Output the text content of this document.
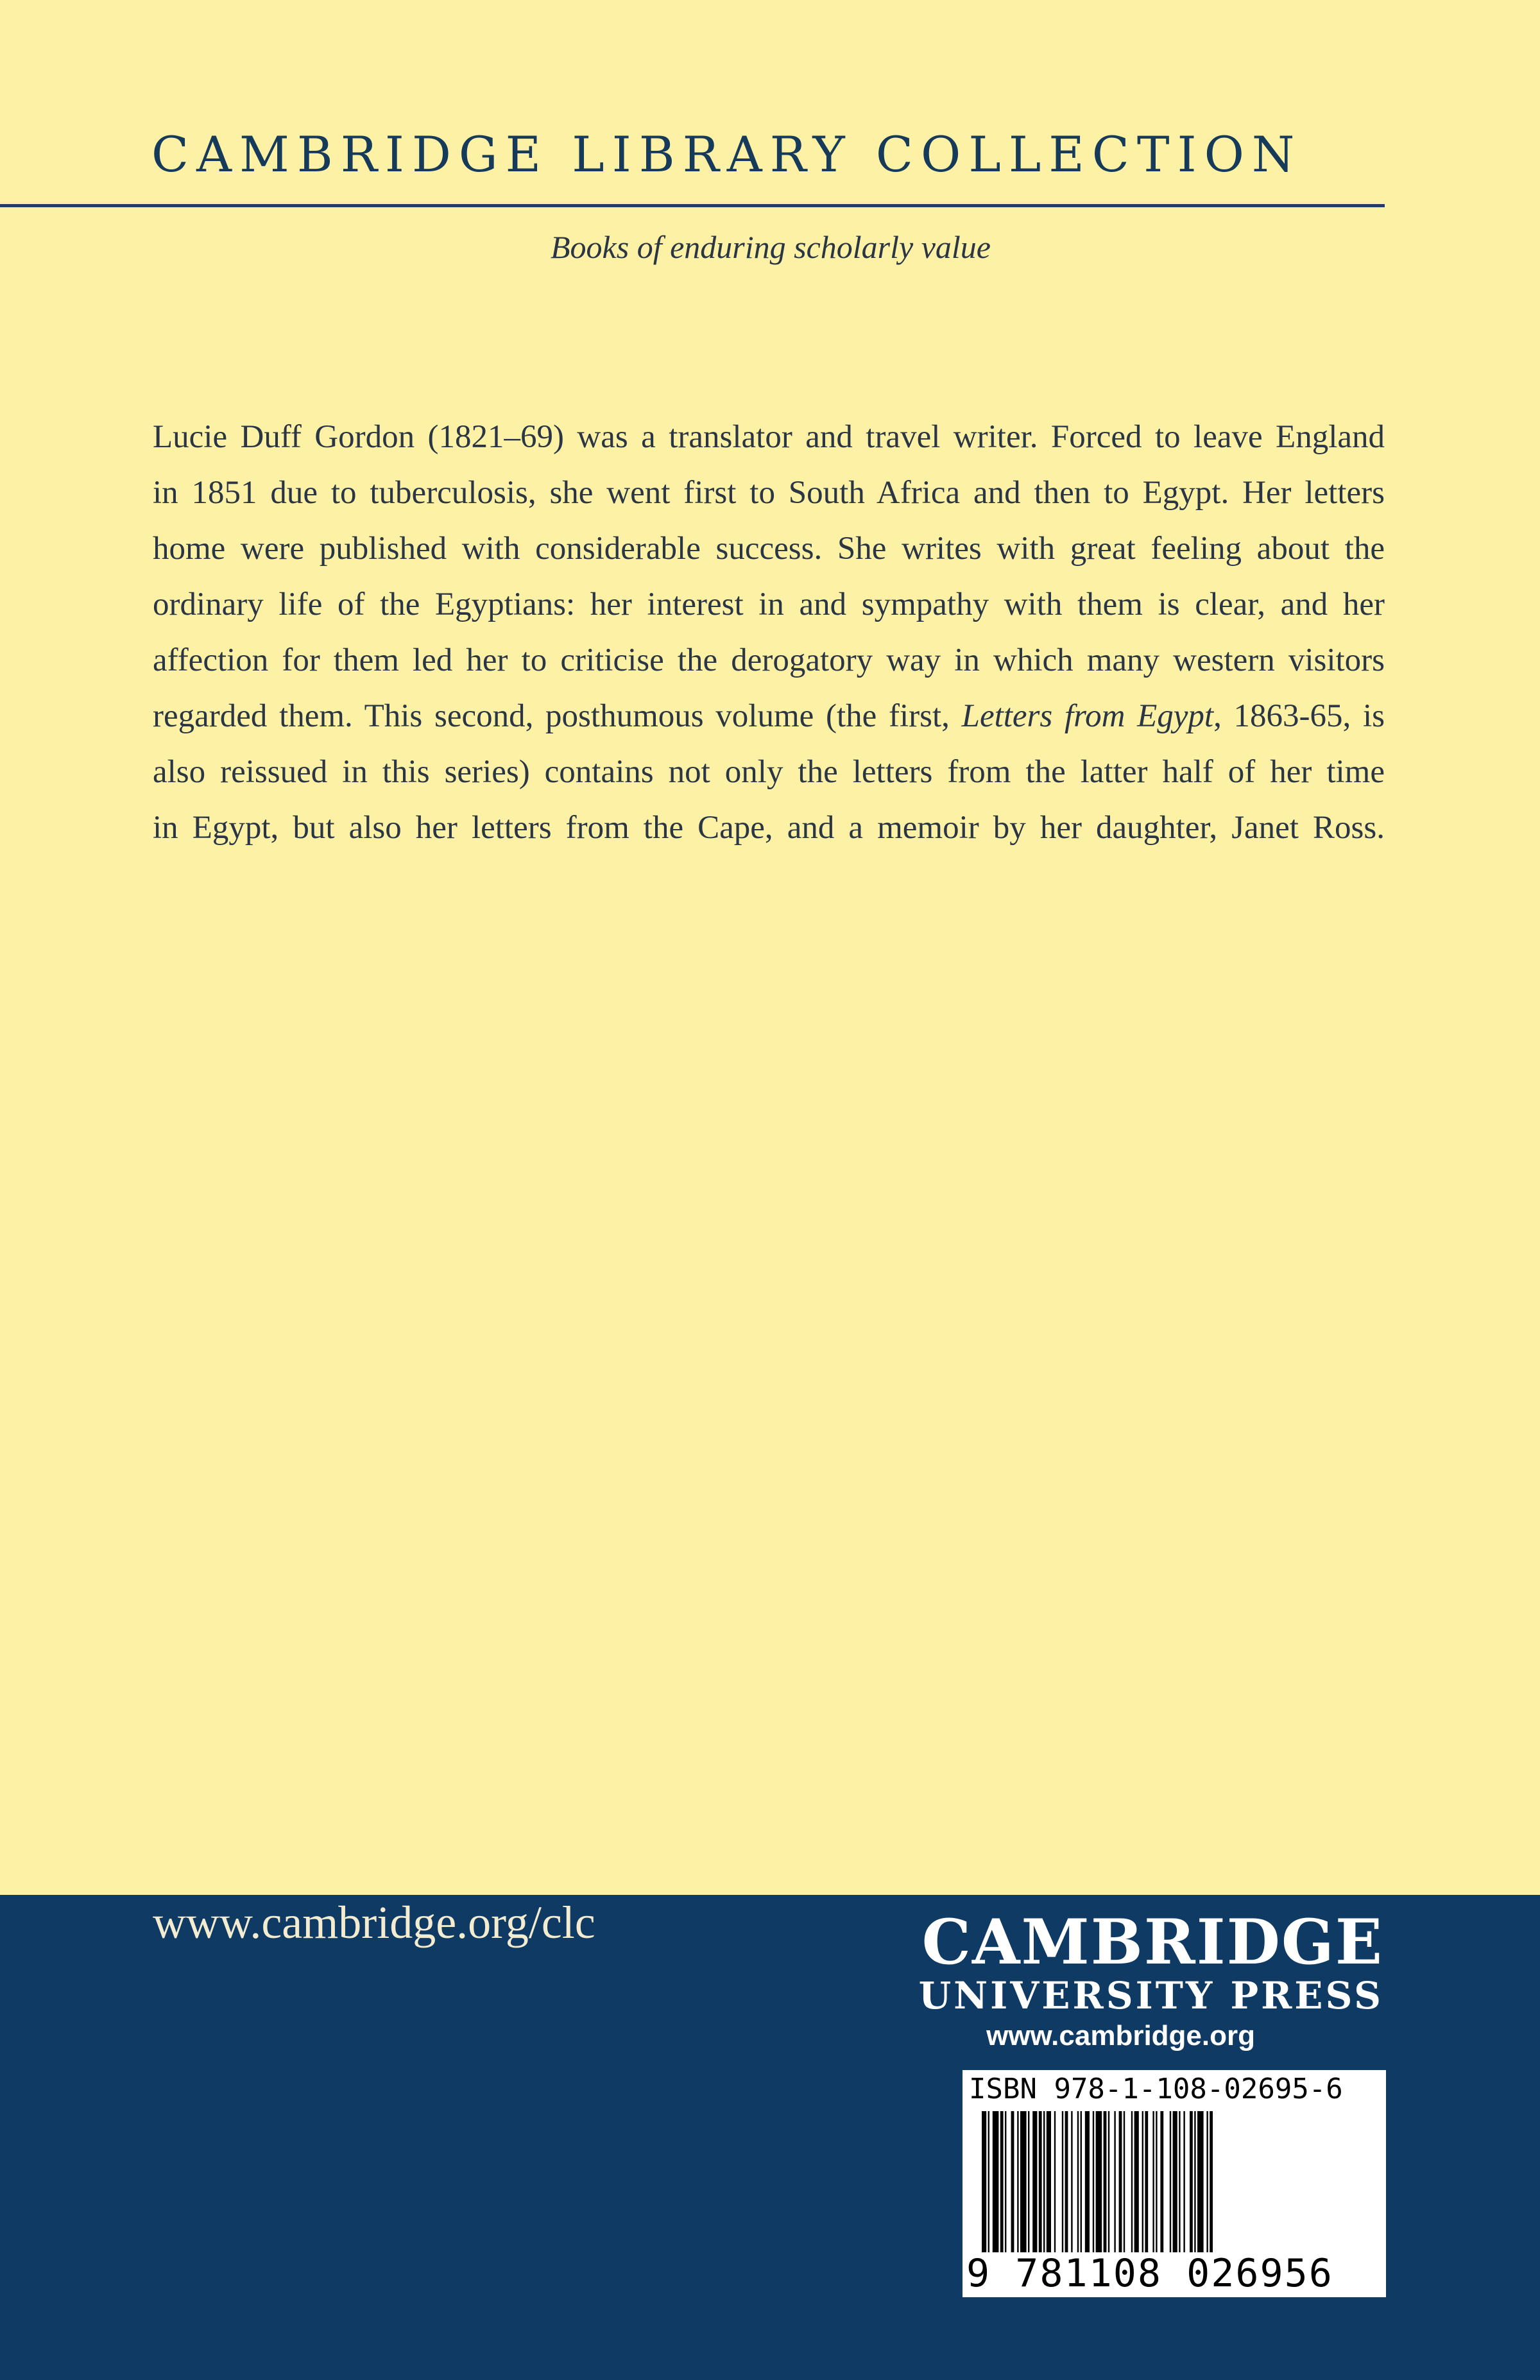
CAMBRIDGE LIBRARY COLLECTION
Books of enduring scholarly value
Lucie Duff Gordon (1821–69) was a translator and travel writer. Forced to leave England
in 1851 due to tuberculosis, she went first to South Africa and then to Egypt. Her letters
home were published with considerable success. She writes with great feeling about the
ordinary life of the Egyptians: her interest in and sympathy with them is clear, and her
affection for them led her to criticise the derogatory way in which many western visitors
regarded them. This second, posthumous volume (the first, Letters from Egypt, 1863-65, is
also reissued in this series) contains not only the letters from the latter half of her time
in Egypt, but also her letters from the Cape, and a memoir by her daughter, Janet Ross.
www.cambridge.org/clc	CAMBRIDGE
UNIVERSITY PRESS
www.cambridge.org
ISBN 978-1-108-02695-6
9 781108 026956
